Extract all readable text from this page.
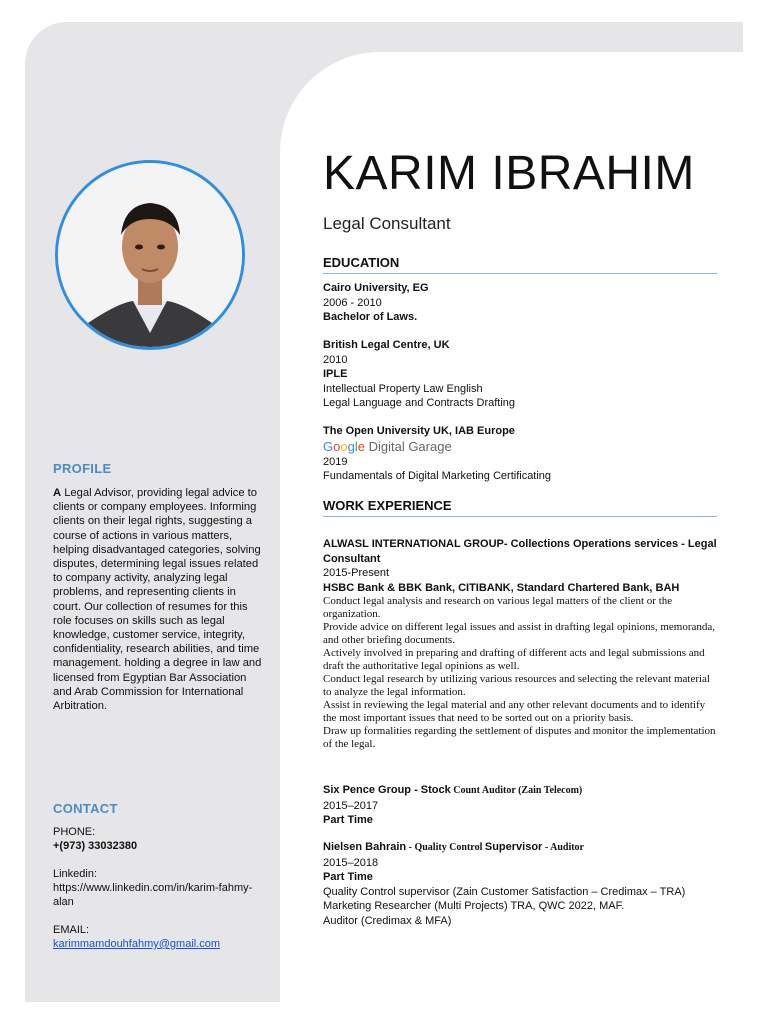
PROFILE
A Legal Advisor, providing legal advice to clients or company employees. Informing clients on their legal rights, suggesting a course of actions in various matters, helping disadvantaged categories, solving disputes, determining legal issues related to company activity, analyzing legal problems, and representing clients in court. Our collection of resumes for this role focuses on skills such as legal knowledge, customer service, integrity, confidentiality, research abilities, and time management. holding a degree in law and licensed from Egyptian Bar Association and Arab Commission for International Arbitration.
CONTACT
PHONE:
+(973) 33032380
Linkedin:
https://www.linkedin.com/in/karim-fahmy-alan
EMAIL:
karimmamdouhfahmy@gmail.com
KARIM IBRAHIM
Legal Consultant
EDUCATION
Cairo University, EG
2006 - 2010
Bachelor of Laws.
British Legal Centre, UK
2010
IPLE
Intellectual Property Law English
Legal Language and Contracts Drafting
The Open University UK, IAB Europe
Google Digital Garage
2019
Fundamentals of Digital Marketing Certificating
WORK EXPERIENCE
ALWASL INTERNATIONAL GROUP- Collections Operations services - Legal Consultant
2015-Present
HSBC Bank & BBK Bank, CITIBANK, Standard Chartered Bank, BAH
Conduct legal analysis and research on various legal matters of the client or the organization.
Provide advice on different legal issues and assist in drafting legal opinions, memoranda, and other briefing documents.
Actively involved in preparing and drafting of different acts and legal submissions and draft the authoritative legal opinions as well.
Conduct legal research by utilizing various resources and selecting the relevant material to analyze the legal information.
Assist in reviewing the legal material and any other relevant documents and to identify the most important issues that need to be sorted out on a priority basis.
Draw up formalities regarding the settlement of disputes and monitor the implementation of the legal.
Six Pence Group - Stock Count Auditor (Zain Telecom)
2015–2017
Part Time
Nielsen Bahrain - Quality Control Supervisor - Auditor
2015–2018
Part Time
Quality Control supervisor (Zain Customer Satisfaction – Credimax – TRA)
Marketing Researcher (Multi Projects) TRA, QWC 2022, MAF.
Auditor (Credimax & MFA)
